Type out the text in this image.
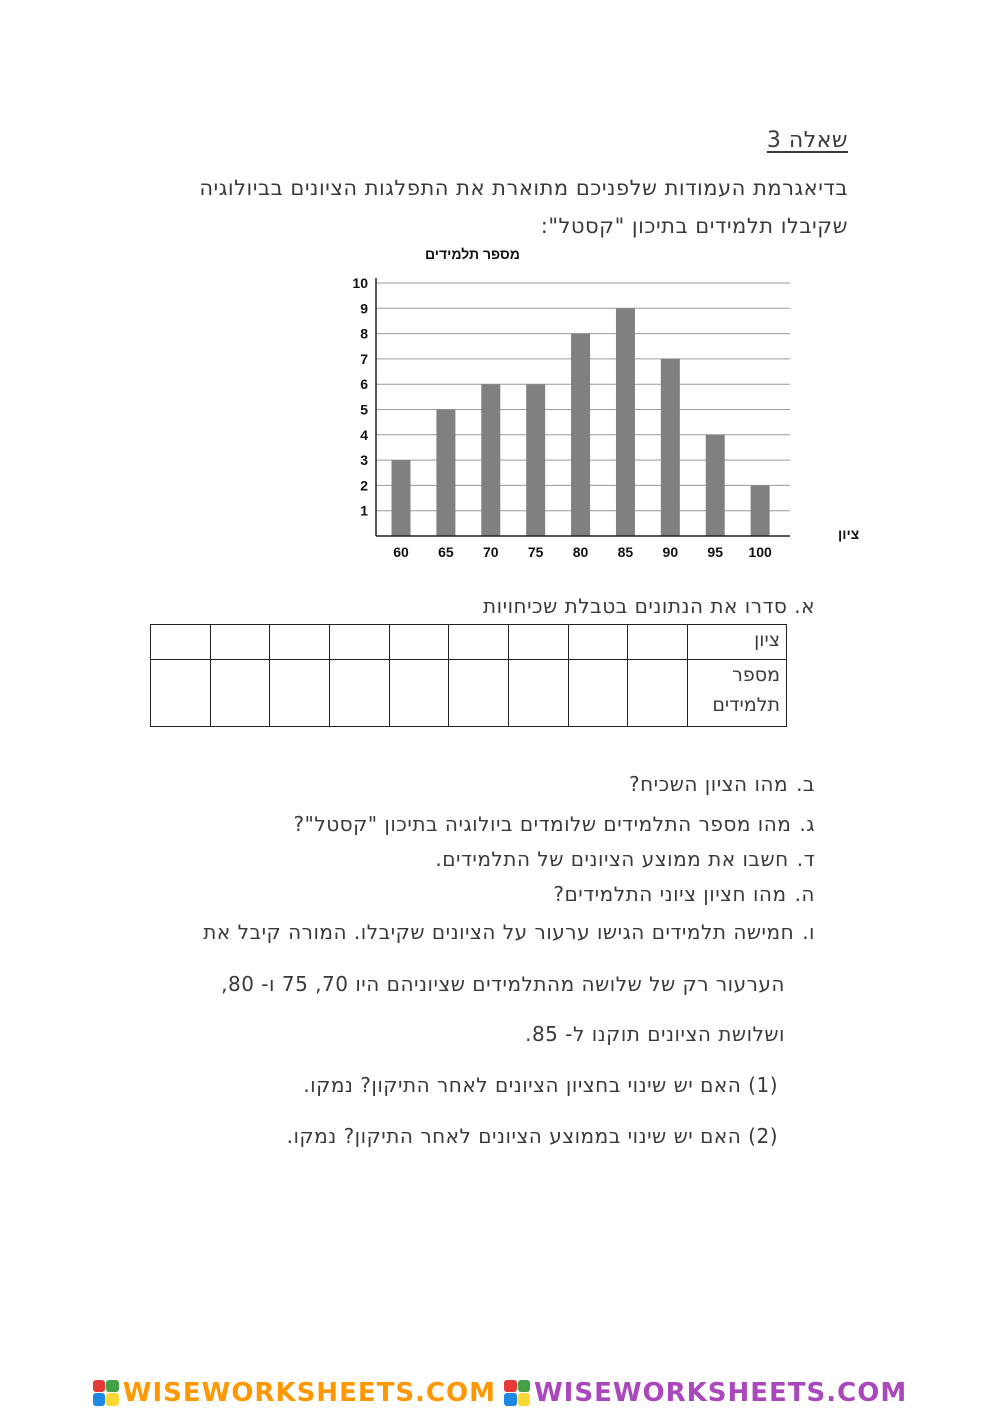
שאלה 3
בדיאגרמת העמודות שלפניכם מתוארת את התפלגות הציונים בביולוגיה
שקיבלו תלמידים בתיכון "קסטל":
מספר תלמידים
ציון
1
2
3
4
5
6
7
8
9
10
60 65 70 75 80 85 90 95 100
א. סדרו את הנתונים בטבלת שכיחויות
									ציון

									מספר
תלמידים
ב.מהו הציון השכיח?
ג.מהו מספר התלמידים שלומדים ביולוגיה בתיכון "קסטל"?
ד.חשבו את ממוצע הציונים של התלמידים.
ה.מהו חציון ציוני התלמידים?
ו.חמישה תלמידים הגישו ערעור על הציונים שקיבלו. המורה קיבל את
הערעור רק של שלושה מהתלמידים שציוניהם היו 70, 75 ו- 80,
ושלושת הציונים תוקנו ל- 85.
(1) האם יש שינוי בחציון הציונים לאחר התיקון? נמקו.
(2) האם יש שינוי בממוצע הציונים לאחר התיקון? נמקו.
WISEWORKSHEETS.COM WISEWORKSHEETS.COM
